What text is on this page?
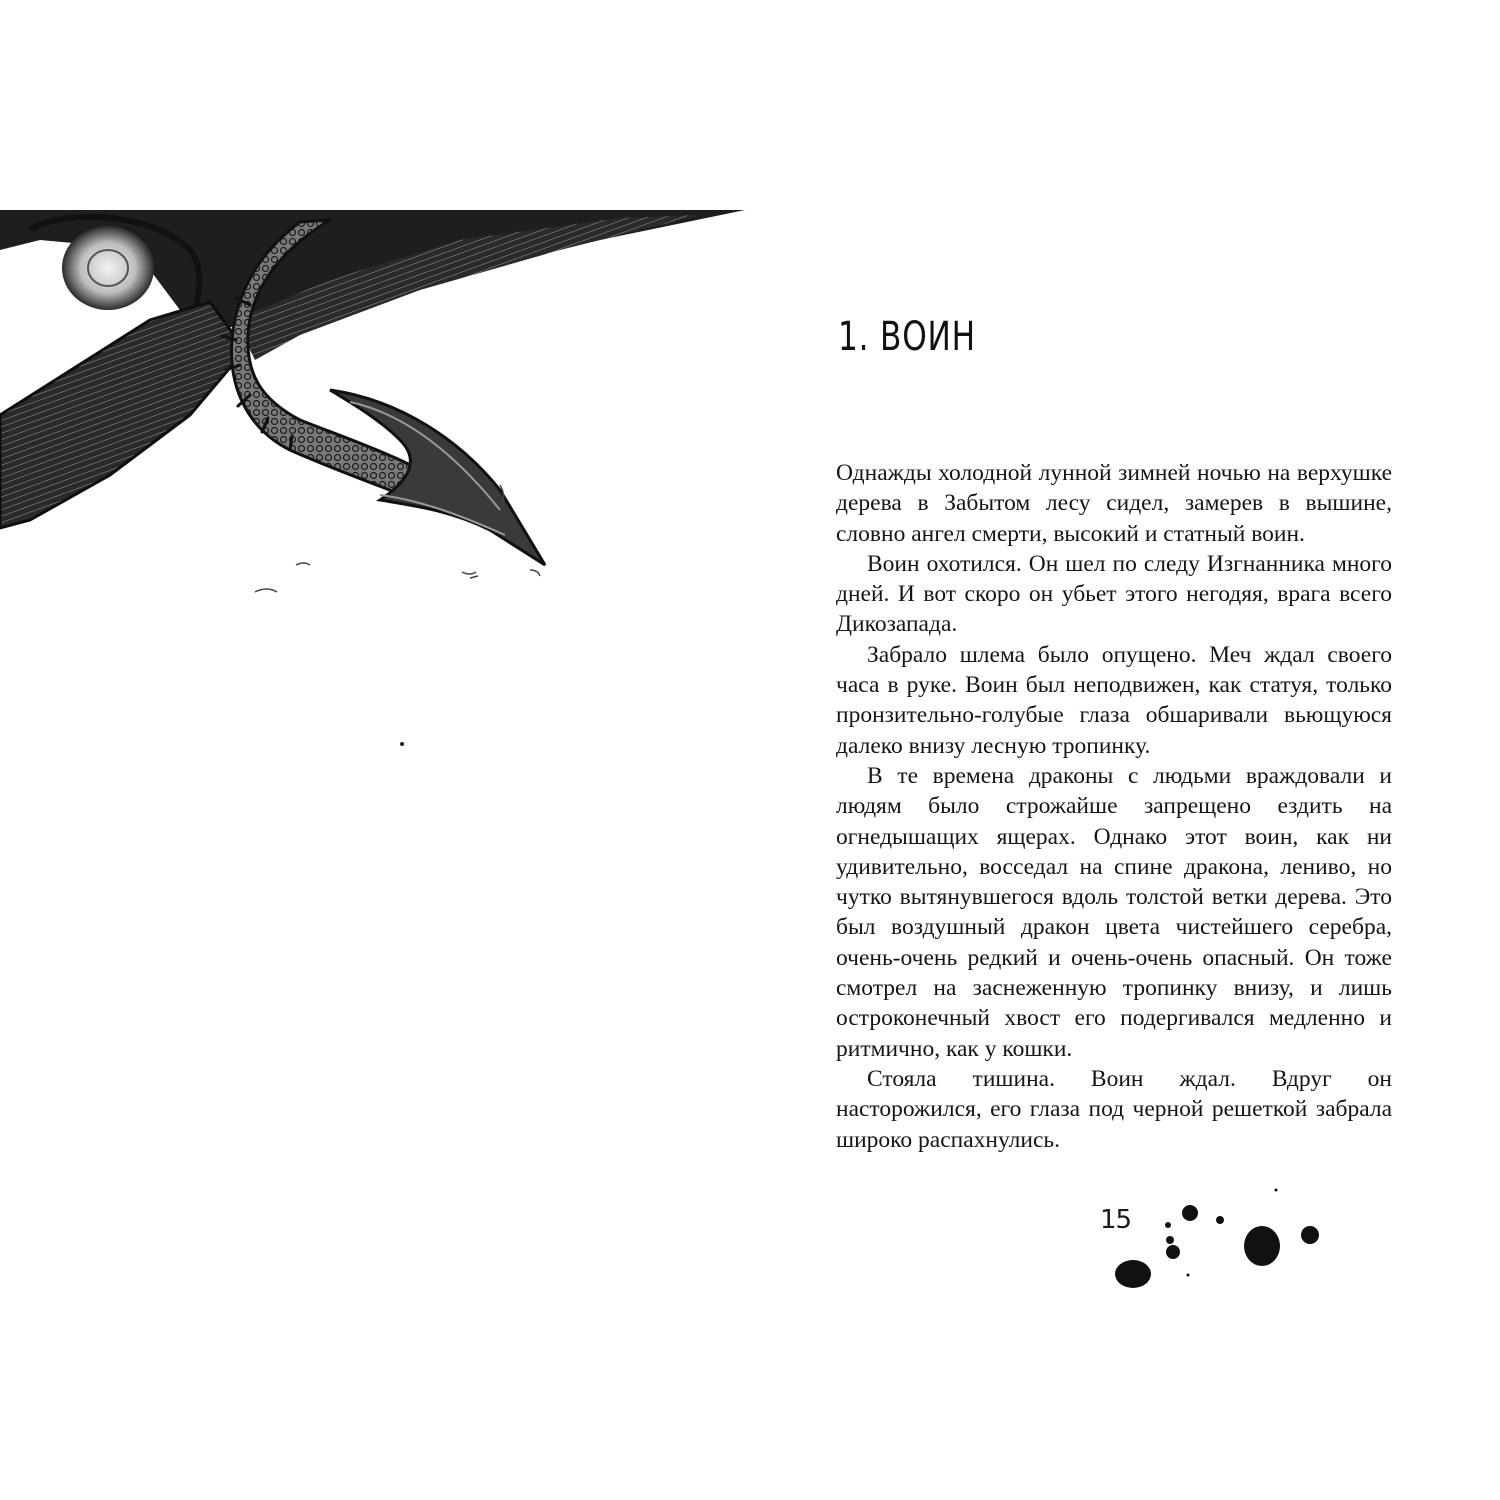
1. ВОИН

Однажды холодной лунной зимней ночью на верхушке дерева в Забытом лесу сидел, замерев в вышине, словно ангел смерти, высокий и статный воин.

Воин охотился. Он шел по следу Изгнанника много дней. И вот скоро он убьет этого негодяя, врага всего Дикозапада.

Забрало шлема было опущено. Меч ждал своего часа в руке. Воин был неподвижен, как статуя, только пронзительно-голубые глаза обшаривали вьющуюся далеко внизу лесную тропинку.

В те времена драконы с людьми враждовали и людям было строжайше запрещено ездить на огнедышащих ящерах. Однако этот воин, как ни удивительно, восседал на спине дракона, лениво, но чутко вытянувшегося вдоль толстой ветки дерева. Это был воздушный дракон цвета чистейшего серебра, очень-очень редкий и очень-очень опасный. Он тоже смотрел на заснеженную тропинку внизу, и лишь остроконечный хвост его подергивался медленно и ритмично, как у кошки.

Стояла тишина. Воин ждал. Вдруг он насторожился, его глаза под черной решеткой забрала широко распахнулись.

15
